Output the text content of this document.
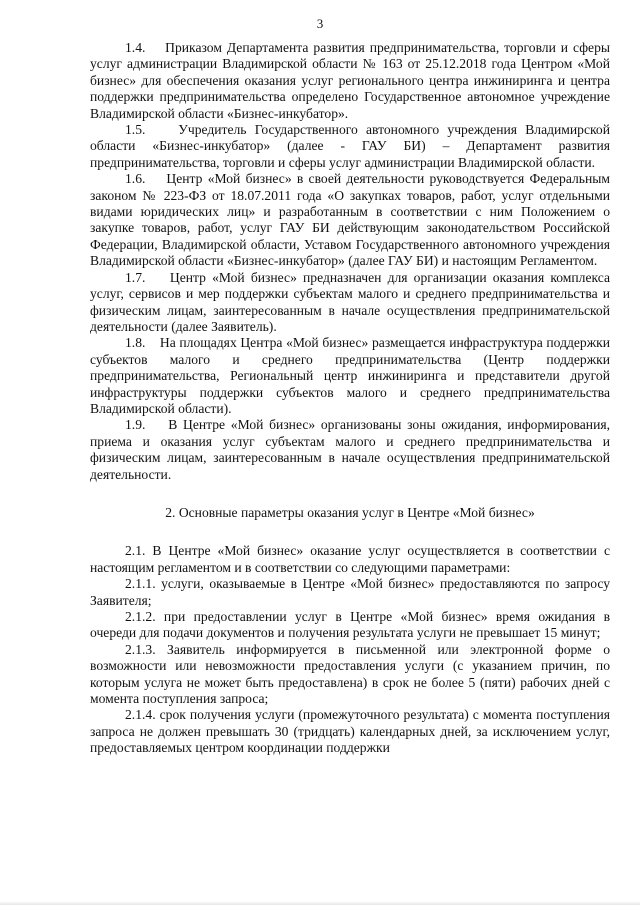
3

1.4.    Приказом Департамента развития предпринимательства, торговли и сферы услуг администрации Владимирской области № 163 от 25.12.2018 года Центром «Мой бизнес» для обеспечения оказания услуг регионального центра инжиниринга и центра поддержки предпринимательства определено Государственное автономное учреждение Владимирской области «Бизнес-инкубатор».

1.5.    Учредитель Государственного автономного учреждения Владимирской области «Бизнес-инкубатор» (далее - ГАУ БИ) – Департамент развития предпринимательства, торговли и сферы услуг администрации Владимирской области.

1.6.    Центр «Мой бизнес» в своей деятельности руководствуется Федеральным законом № 223-ФЗ от 18.07.2011 года «О закупках товаров, работ, услуг отдельными видами юридических лиц» и разработанным в соответствии с ним Положением о закупке товаров, работ, услуг ГАУ БИ действующим законодательством Российской Федерации, Владимирской области, Уставом Государственного автономного учреждения Владимирской области «Бизнес-инкубатор» (далее ГАУ БИ) и настоящим Регламентом.

1.7.    Центр «Мой бизнес» предназначен для организации оказания комплекса услуг, сервисов и мер поддержки субъектам малого и среднего предпринимательства и физическим лицам, заинтересованным в начале осуществления предпринимательской деятельности (далее Заявитель).

1.8.    На площадях Центра «Мой бизнес» размещается инфраструктура поддержки субъектов малого и среднего предпринимательства (Центр поддержки предпринимательства, Региональный центр инжиниринга и представители другой инфраструктуры поддержки субъектов малого и среднего предпринимательства Владимирской области).

1.9.    В Центре «Мой бизнес» организованы зоны ожидания, информирования, приема и оказания услуг субъектам малого и среднего предпринимательства и физическим лицам, заинтересованным в начале осуществления предпринимательской деятельности.

2. Основные параметры оказания услуг в Центре «Мой бизнес»

2.1. В Центре «Мой бизнес» оказание услуг осуществляется в соответствии с настоящим регламентом и в соответствии со следующими параметрами:

2.1.1. услуги, оказываемые в Центре «Мой бизнес» предоставляются по запросу Заявителя;

2.1.2. при предоставлении услуг в Центре «Мой бизнес» время ожидания в очереди для подачи документов и получения результата услуги не превышает 15 минут;

2.1.3. Заявитель информируется в письменной или электронной форме о возможности или невозможности предоставления услуги (с указанием причин, по которым услуга не может быть предоставлена) в срок не более 5 (пяти) рабочих дней с момента поступления запроса;

2.1.4. срок получения услуги (промежуточного результата) с момента поступления запроса не должен превышать 30 (тридцать) календарных дней, за исключением услуг, предоставляемых центром координации поддержки
